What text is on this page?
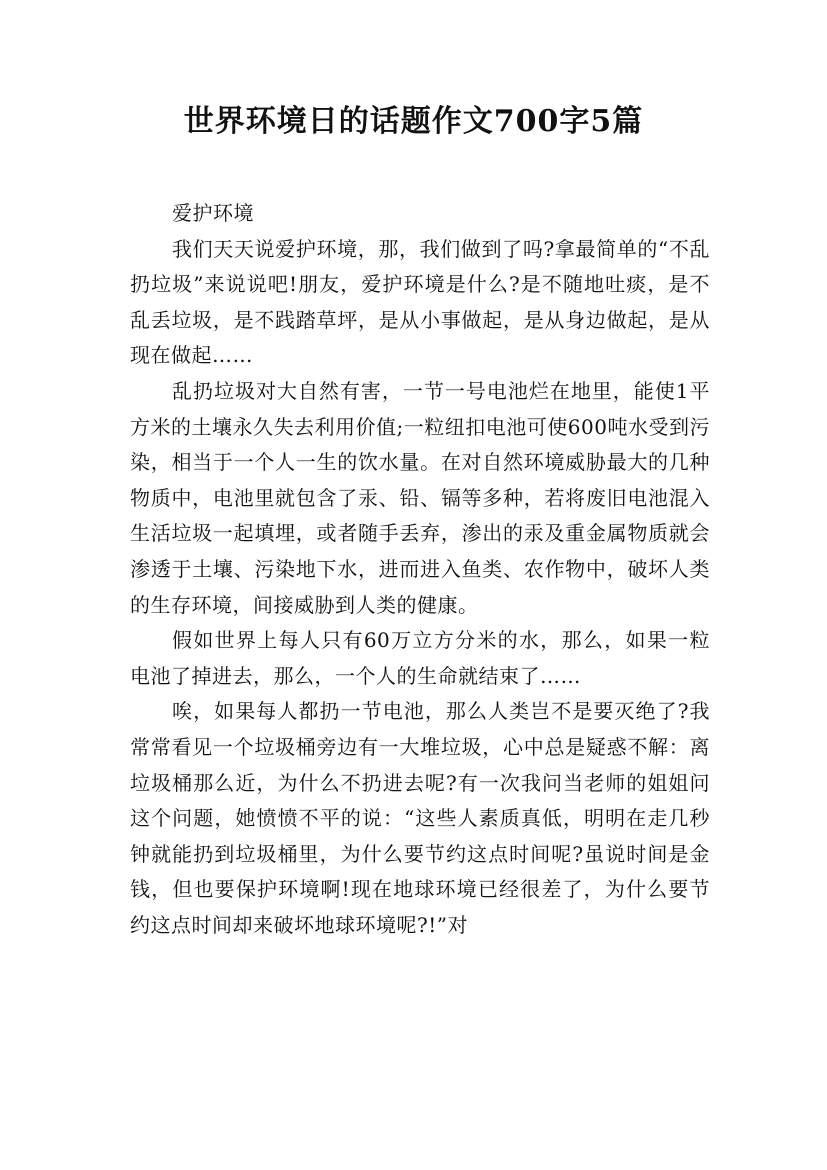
世界环境日的话题作文700字5篇

爱护环境

我们天天说爱护环境，那，我们做到了吗?拿最简单的“不乱扔垃圾”来说说吧!朋友，爱护环境是什么?是不随地吐痰，是不乱丢垃圾，是不践踏草坪，是从小事做起，是从身边做起，是从现在做起……

乱扔垃圾对大自然有害，一节一号电池烂在地里，能使1平方米的土壤永久失去利用价值;一粒纽扣电池可使600吨水受到污染，相当于一个人一生的饮水量。在对自然环境威胁最大的几种物质中，电池里就包含了汞、铅、镉等多种，若将废旧电池混入生活垃圾一起填埋，或者随手丢弃，渗出的汞及重金属物质就会渗透于土壤、污染地下水，进而进入鱼类、农作物中，破坏人类的生存环境，间接威胁到人类的健康。

假如世界上每人只有60万立方分米的水，那么，如果一粒电池了掉进去，那么，一个人的生命就结束了……

唉，如果每人都扔一节电池，那么人类岂不是要灭绝了?我常常看见一个垃圾桶旁边有一大堆垃圾，心中总是疑惑不解：离垃圾桶那么近，为什么不扔进去呢?有一次我问当老师的姐姐问这个问题，她愤愤不平的说：“这些人素质真低，明明在走几秒钟就能扔到垃圾桶里，为什么要节约这点时间呢?虽说时间是金钱，但也要保护环境啊!现在地球环境已经很差了，为什么要节约这点时间却来破坏地球环境呢?!”对
